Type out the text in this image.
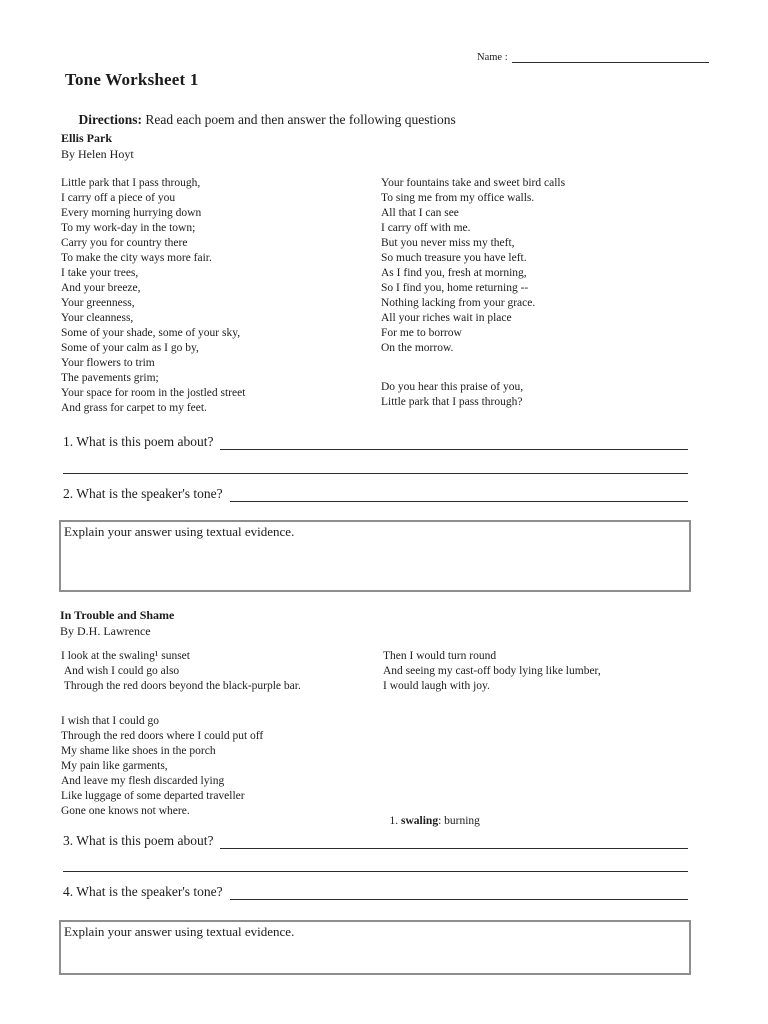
Name :
Tone Worksheet 1

Directions: Read each poem and then answer the following questions

Ellis Park
By Helen Hoyt
Little park that I pass through,
I carry off a piece of you
Every morning hurrying down
To my work-day in the town;
Carry you for country there
To make the city ways more fair.
I take your trees,
And your breeze,
Your greenness,
Your cleanness,
Some of your shade, some of your sky,
Some of your calm as I go by,
Your flowers to trim
The pavements grim;
Your space for room in the jostled street
And grass for carpet to my feet.
Your fountains take and sweet bird calls
To sing me from my office walls.
All that I can see
I carry off with me.
But you never miss my theft,
So much treasure you have left.
As I find you, fresh at morning,
So I find you, home returning --
Nothing lacking from your grace.
All your riches wait in place
For me to borrow
On the morrow.
Do you hear this praise of you,
Little park that I pass through?
1. What is this poem about?
2. What is the speaker's tone?
Explain your answer using textual evidence.
In Trouble and Shame
By D.H. Lawrence
I look at the swaling¹ sunset
And wish I could go also
Through the red doors beyond the black-purple bar.
I wish that I could go
Through the red doors where I could put off
My shame like shoes in the porch
My pain like garments,
And leave my flesh discarded lying
Like luggage of some departed traveller
Gone one knows not where.
Then I would turn round
And seeing my cast-off body lying like lumber,
I would laugh with joy.

1. swaling: burning

3. What is this poem about?
4. What is the speaker's tone?
Explain your answer using textual evidence.
